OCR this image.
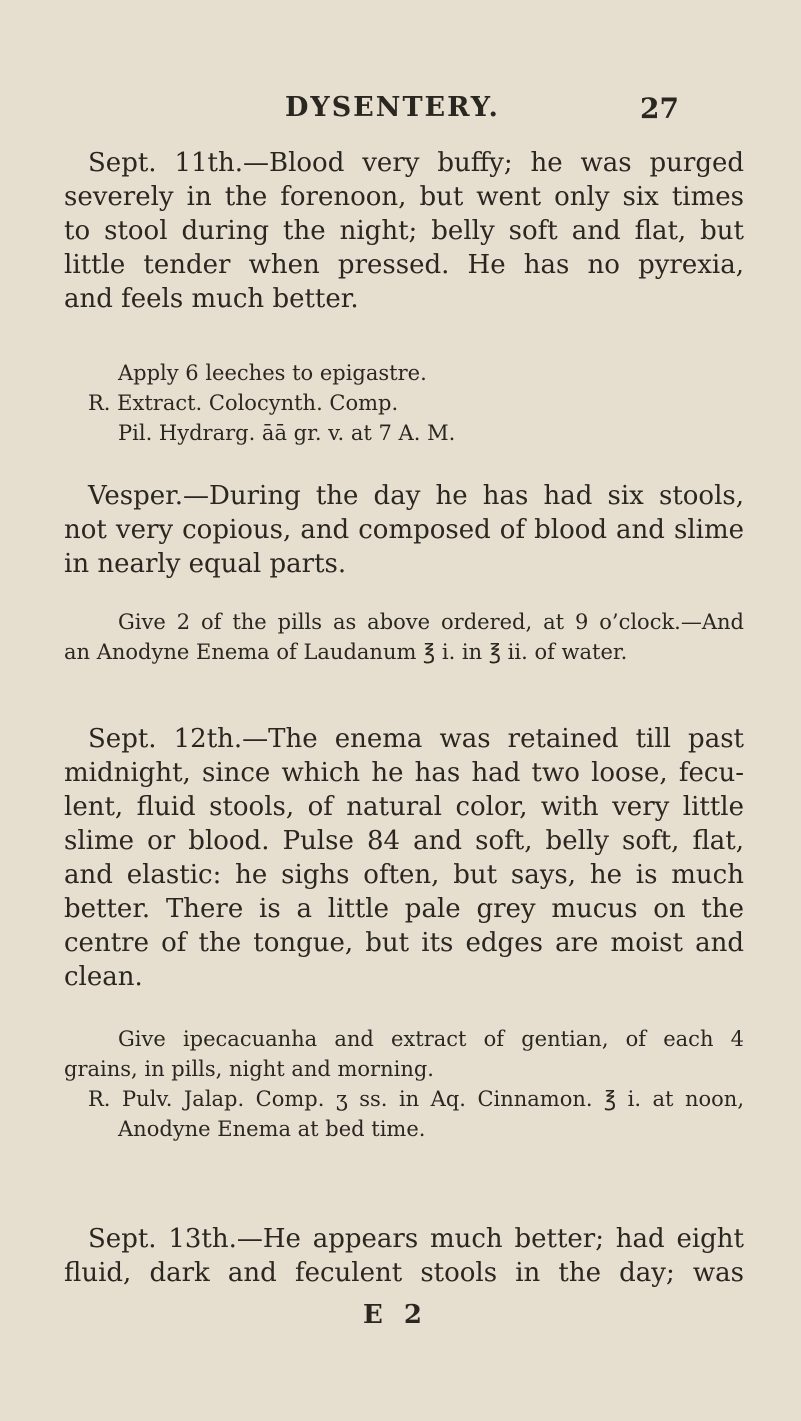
DYSENTERY.	27
Sept. 11th.—Blood very buffy; he was purged
severely in the forenoon, but went only six times
to stool during the night; belly soft and flat, but
little tender when pressed. He has no pyrexia,
and feels much better.
Apply 6 leeches to epigastre.
R. Extract. Colocynth. Comp.
Pil. Hydrarg. āā gr. v. at 7 A. M.
Vesper.—During the day he has had six stools,
not very copious, and composed of blood and slime
in nearly equal parts.
Give 2 of the pills as above ordered, at 9 o’clock.—And
an Anodyne Enema of Laudanum ℥ i. in ℥ ii. of water.
Sept. 12th.—The enema was retained till past
midnight, since which he has had two loose, fecu-
lent, fluid stools, of natural color, with very little
slime or blood. Pulse 84 and soft, belly soft, flat,
and elastic: he sighs often, but says, he is much
better. There is a little pale grey mucus on the
centre of the tongue, but its edges are moist and
clean.
Give ipecacuanha and extract of gentian, of each 4
grains, in pills, night and morning.
R. Pulv. Jalap. Comp. ʒ ss. in Aq. Cinnamon. ℥ i. at noon,
Anodyne Enema at bed time.
Sept. 13th.—He appears much better; had eight
fluid, dark and feculent stools in the day; was
E 2
